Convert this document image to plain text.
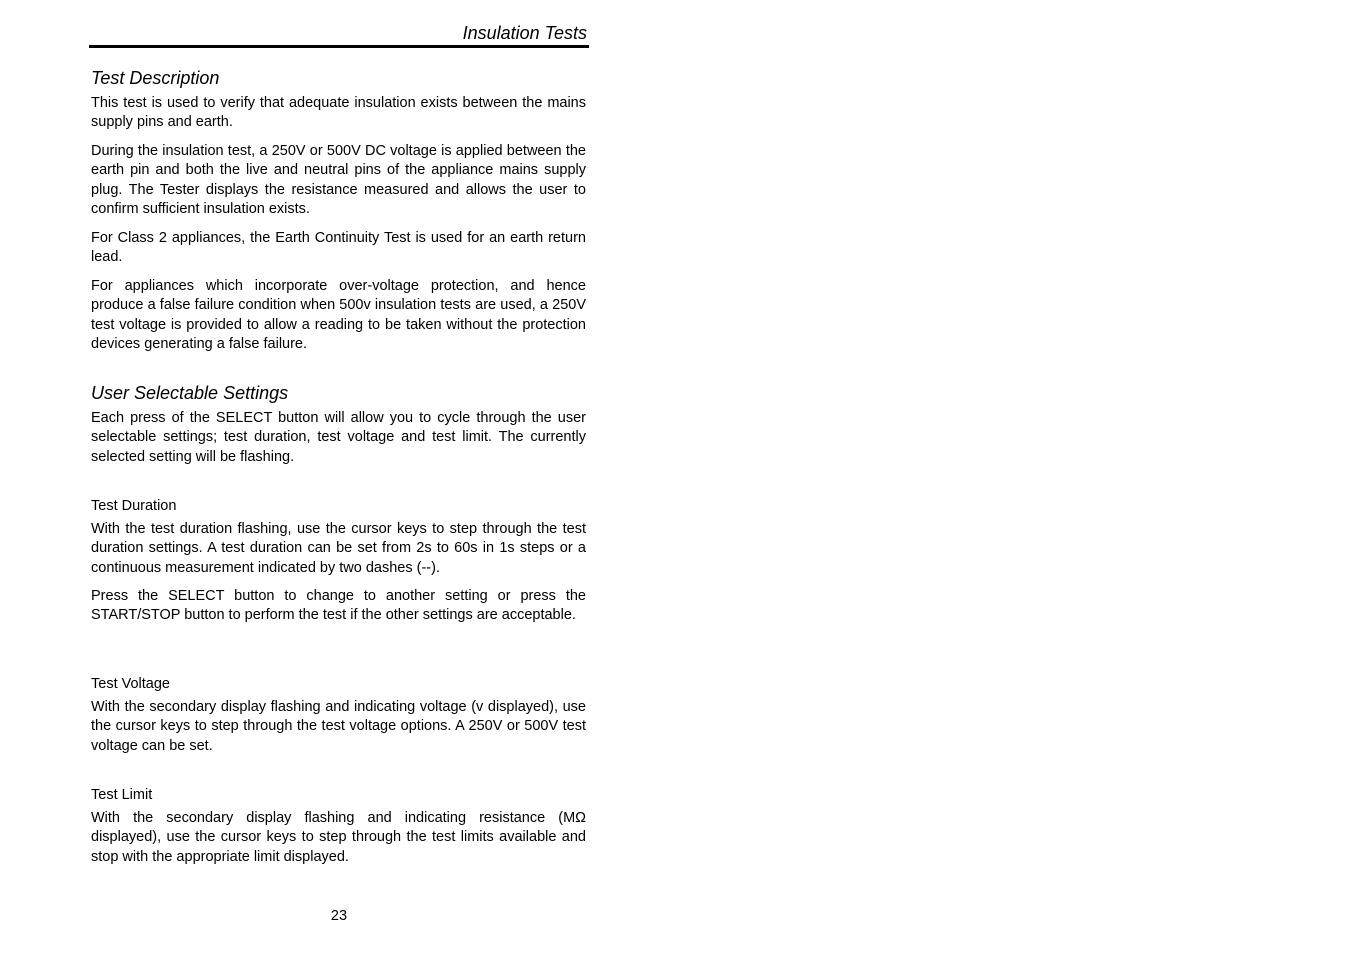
Insulation Tests
Test Description

This test is used to verify that adequate insulation exists between the mains supply pins and earth.

During the insulation test, a 250V or 500V DC voltage is applied between the earth pin and both the live and neutral pins of the appliance mains supply plug. The Tester displays the resistance measured and allows the user to confirm sufficient insulation exists.

For Class 2 appliances, the Earth Continuity Test is used for an earth return lead.

For appliances which incorporate over-voltage protection, and hence produce a false failure condition when 500v insulation tests are used, a 250V test voltage is provided to allow a reading to be taken without the protection devices generating a false failure.

User Selectable Settings

Each press of the SELECT button will allow you to cycle through the user selectable settings; test duration, test voltage and test limit. The currently selected setting will be flashing.

Test Duration

With the test duration flashing, use the cursor keys to step through the test duration settings. A test duration can be set from 2s to 60s in 1s steps or a continuous measurement indicated by two dashes (--).

Press the SELECT button to change to another setting or press the START/STOP button to perform the test if the other settings are acceptable.

Test Voltage

With the secondary display flashing and indicating voltage (v displayed), use the cursor keys to step through the test voltage options. A 250V or 500V test voltage can be set.

Test Limit

With the secondary display flashing and indicating resistance (MΩ displayed), use the cursor keys to step through the test limits available and stop with the appropriate limit displayed.

23
